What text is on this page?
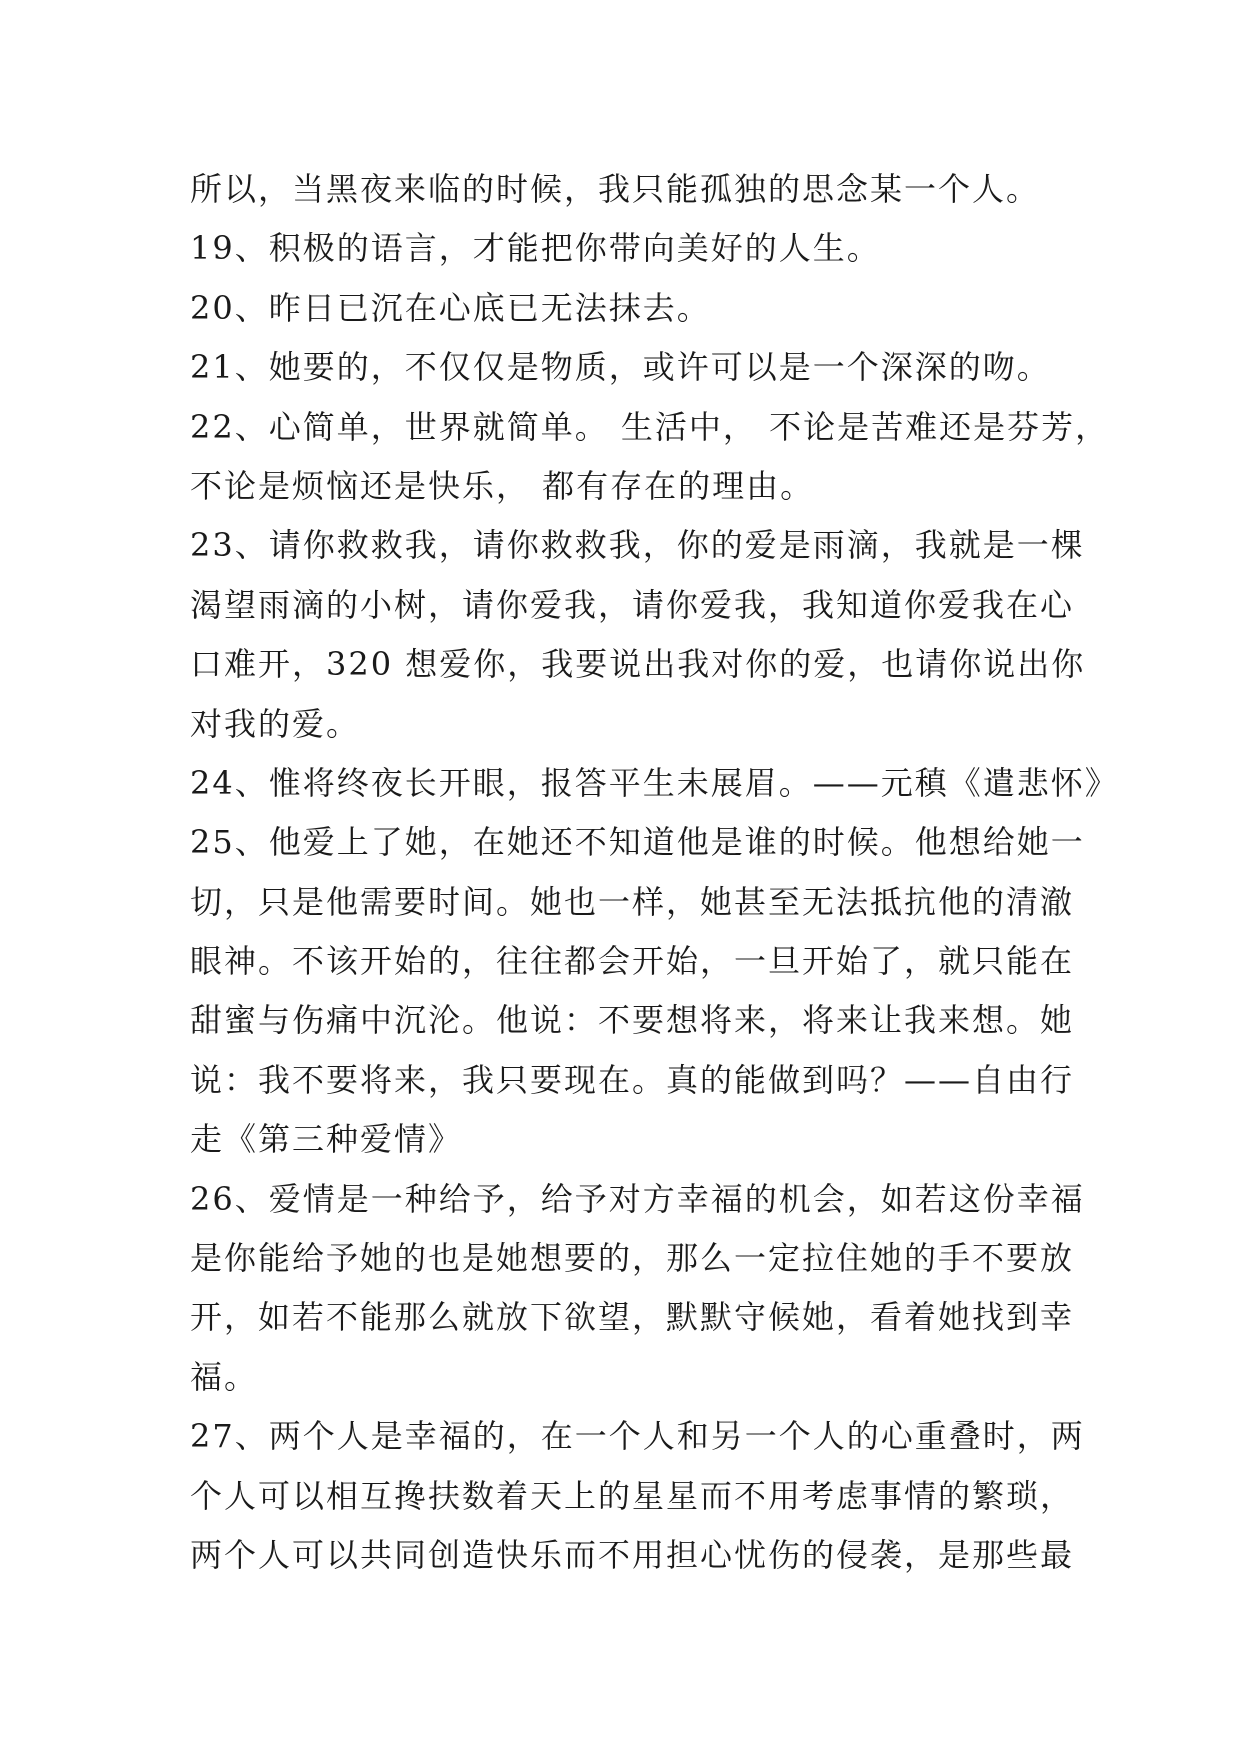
所以，当黑夜来临的时候，我只能孤独的思念某一个人。
19、积极的语言，才能把你带向美好的人生。
20、昨日已沉在心底已无法抹去。
21、她要的，不仅仅是物质，或许可以是一个深深的吻。
22、心简单，世界就简单。 生活中， 不论是苦难还是芬芳，
不论是烦恼还是快乐， 都有存在的理由。
23、请你救救我，请你救救我，你的爱是雨滴，我就是一棵
渴望雨滴的小树，请你爱我，请你爱我，我知道你爱我在心
口难开，320 想爱你，我要说出我对你的爱，也请你说出你
对我的爱。
24、惟将终夜长开眼，报答平生未展眉。——元稹《遣悲怀》
25、他爱上了她，在她还不知道他是谁的时候。他想给她一
切，只是他需要时间。她也一样，她甚至无法抵抗他的清澈
眼神。不该开始的，往往都会开始，一旦开始了，就只能在
甜蜜与伤痛中沉沦。他说：不要想将来，将来让我来想。她
说：我不要将来，我只要现在。真的能做到吗？——自由行
走《第三种爱情》
26、爱情是一种给予，给予对方幸福的机会，如若这份幸福
是你能给予她的也是她想要的，那么一定拉住她的手不要放
开，如若不能那么就放下欲望，默默守候她，看着她找到幸
福。
27、两个人是幸福的，在一个人和另一个人的心重叠时，两
个人可以相互搀扶数着天上的星星而不用考虑事情的繁琐，
两个人可以共同创造快乐而不用担心忧伤的侵袭，是那些最
